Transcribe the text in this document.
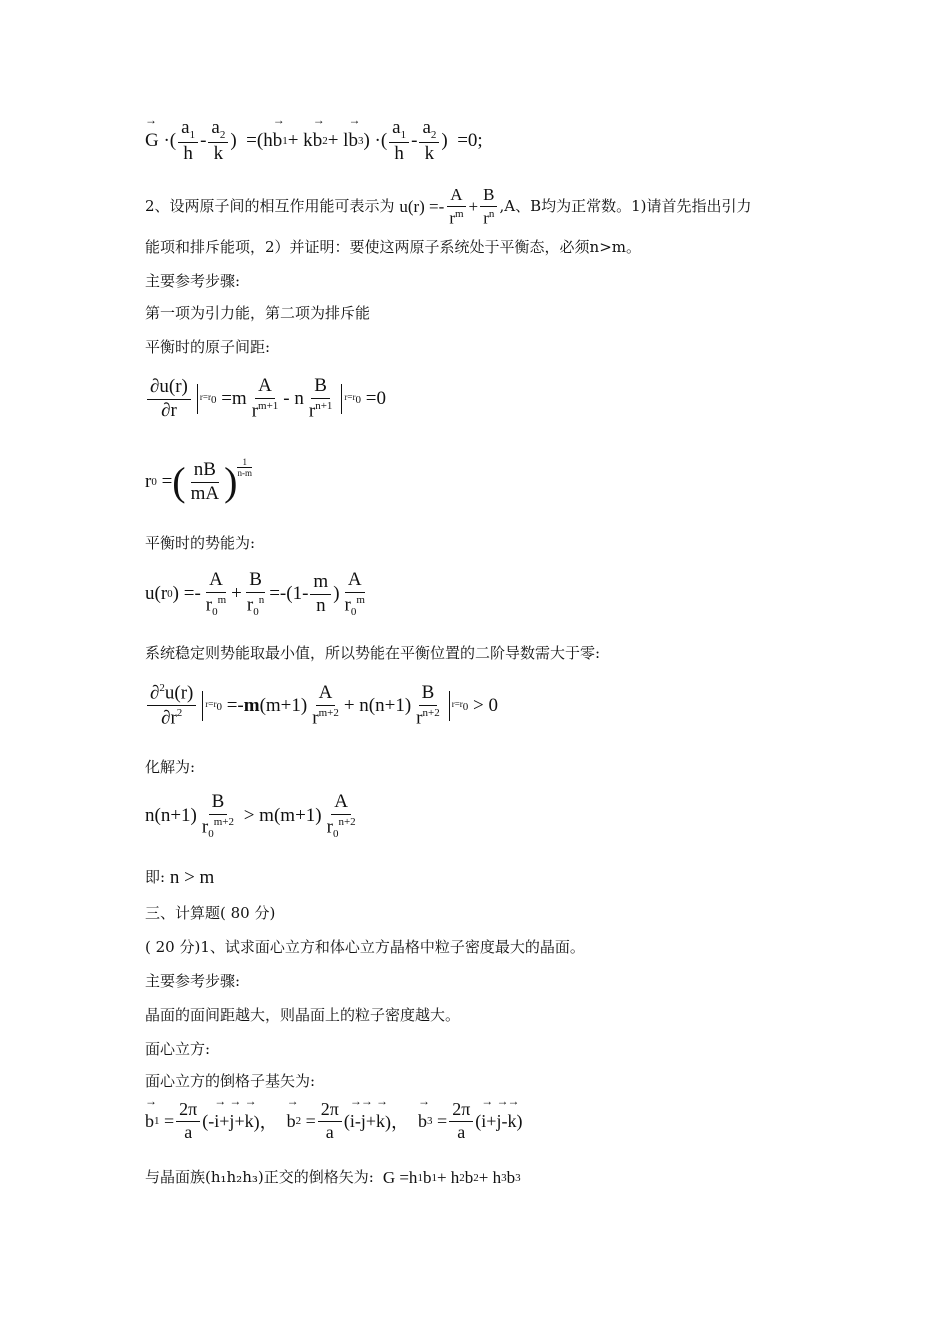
→ G ·( $\frac{a_1}{h} - \frac{a_2}{k}$ )  =(h → b 1 + k → b 2 + l → b 3 ) ·( $\frac{a_1}{h} - \frac{a_2}{k}$ )  =0;
2、设两原子间的相互作用能可表示为 $u(r) =- \frac{A}{r^m} + \frac{B}{r^n} ,A$、B均为正常数。1)请首先指出引力
能项和排斥能项，2）并证明：要使这两原子系统处于平衡态，必须n>m。
主要参考步骤:
第一项为引力能，第二项为排斥能
平衡时的原子间距:
$\frac{\partial u(r)}{\partial r} r=r_0 =m \frac{A}{r^{m+1}} - n \frac{B}{r^{n+1}} r=r_0 =0$
r 0 = ( $\frac{nB}{mA}$ ) 1
n-m
平衡时的势能为:
u(r 0 ) =- $\frac{A}{r_0^m} + \frac{B}{r_0^n} =-(1- \frac{m}{n}$ ) $\frac{A}{r_0^m}$
系统稳定则势能取最小值，所以势能在平衡位置的二阶导数需大于零:
$\frac{\partial^2u(r)}{\partial r^2} r=r_0 =- m$ $(m+1) \frac{A}{r^{m+2}} + n(n+1) \frac{B}{r^{n+2}} r=r_0 > 0$
化解为:
$n(n+1) \frac{B}{r_0^{m+2}} > m(m+1) \frac{A}{r_0^{n+2}}$
即: n > m
三、计算题( 80 分)
( 20 分)1、试求面心立方和体心立方晶格中粒子密度最大的晶面。
主要参考步骤:
晶面的面间距越大，则晶面上的粒子密度越大。
面心立方:
面心立方的倒格子基矢为:
→ b $1 = \frac{2\pi}{a}$ (- → i + → j + → k )， → b $2 = \frac{2\pi}{a}$ ( → i - → j + → k )， → b $3 = \frac{2\pi}{a}$ ( → i + → j - → k )
与晶面族(h₁h₂h₃)正交的倒格矢为:  G =h 1 b 1 + h 2 b 2 + h 3 b 3
